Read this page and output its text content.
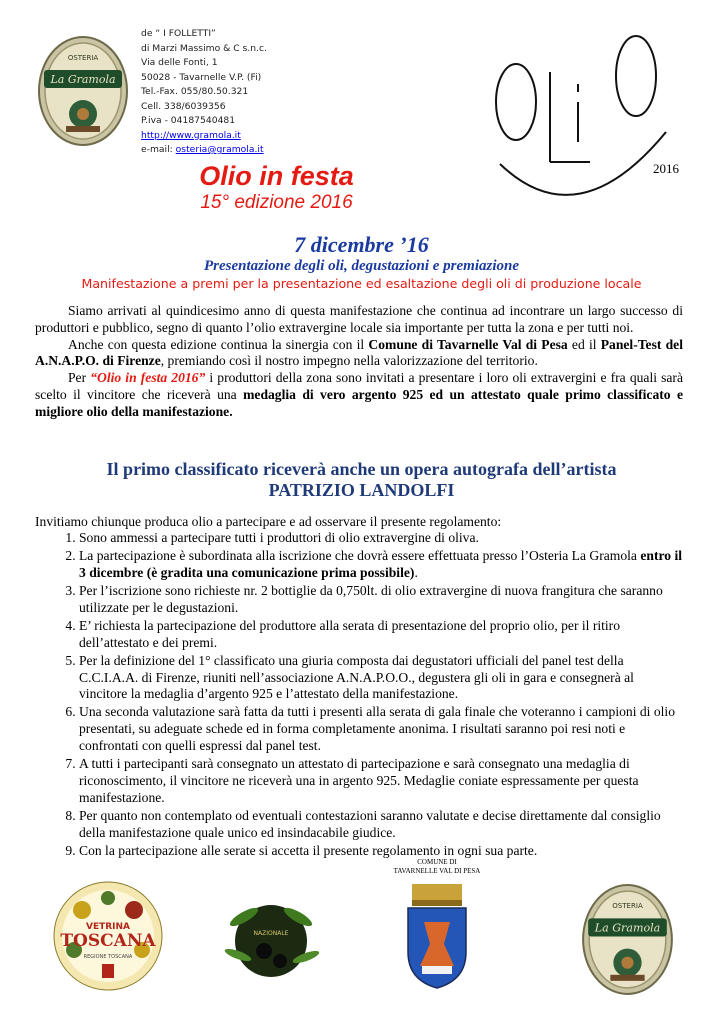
OSTERIA
La Gramola
de “ I FOLLETTI”
di Marzi Massimo & C s.n.c.
Via delle Fonti, 1
50028 - Tavarnelle V.P. (Fi)
Tel.-Fax. 055/80.50.321
Cell. 338/6039356
P.iva - 04187540481
http://www.gramola.it
e-mail: osteria@gramola.it
2016
Olio in festa
15° edizione 2016
7 dicembre ’16
Presentazione degli oli, degustazioni e premiazione
Manifestazione a premi per la presentazione ed esaltazione degli oli di produzione locale
Siamo arrivati al quindicesimo anno di questa manifestazione che continua ad incontrare un largo successo di produttori e pubblico, segno di quanto l’olio extravergine locale sia importante per tutta la zona e per tutti noi.
Anche con questa edizione continua la sinergia con il Comune di Tavarnelle Val di Pesa ed il Panel-Test del A.N.A.P.O. di Firenze, premiando così il nostro impegno nella valorizzazione del territorio.
Per “Olio in festa 2016” i produttori della zona sono invitati a presentare i loro oli extravergini e fra quali sarà scelto il vincitore che riceverà una medaglia di vero argento 925 ed un attestato quale primo classificato e migliore olio della manifestazione.
Il primo classificato riceverà anche un opera autografa dell’artista
PATRIZIO LANDOLFI
Invitiamo chiunque produca olio a partecipare e ad osservare il presente regolamento:
1. Sono ammessi a partecipare tutti i produttori di olio extravergine di oliva.
2. La partecipazione è subordinata alla iscrizione che dovrà essere effettuata presso l’Osteria La Gramola entro il 3 dicembre (è gradita una comunicazione prima possibile).
3. Per l’iscrizione sono richieste nr. 2 bottiglie da 0,750lt. di olio extravergine di nuova frangitura che saranno utilizzate per le degustazioni.
4. E’ richiesta la partecipazione del produttore alla serata di presentazione del proprio olio, per il ritiro dell’attestato e dei premi.
5. Per la definizione del 1° classificato una giuria composta dai degustatori ufficiali del panel test della C.C.I.A.A. di Firenze, riuniti nell’associazione A.N.A.P.O.O., degustera gli oli in gara e consegnerà al vincitore la medaglia d’argento 925 e l’attestato della manifestazione.
6. Una seconda valutazione sarà fatta da tutti i presenti alla serata di gala finale che voteranno i campioni di olio presentati, su adeguate schede ed in forma completamente anonima. I risultati saranno poi resi noti e confrontati con quelli espressi dal panel test.
7. A tutti i partecipanti sarà consegnato un attestato di partecipazione e sarà consegnato una medaglia di riconoscimento, il vincitore ne riceverà una in argento 925. Medaglie coniate espressamente per questa manifestazione.
8. Per quanto non contemplato od eventuali contestazioni saranno valutate e decise direttamente dal consiglio della manifestazione quale unico ed insindacabile giudice.
9. Con la partecipazione alle serate si accetta il presente regolamento in ogni sua parte.
VETRINA
TOSCANA
REGIONE TOSCANA
NAZIONALE
COMUNE DI
TAVARNELLE VAL DI PESA
OSTERIA
La Gramola
